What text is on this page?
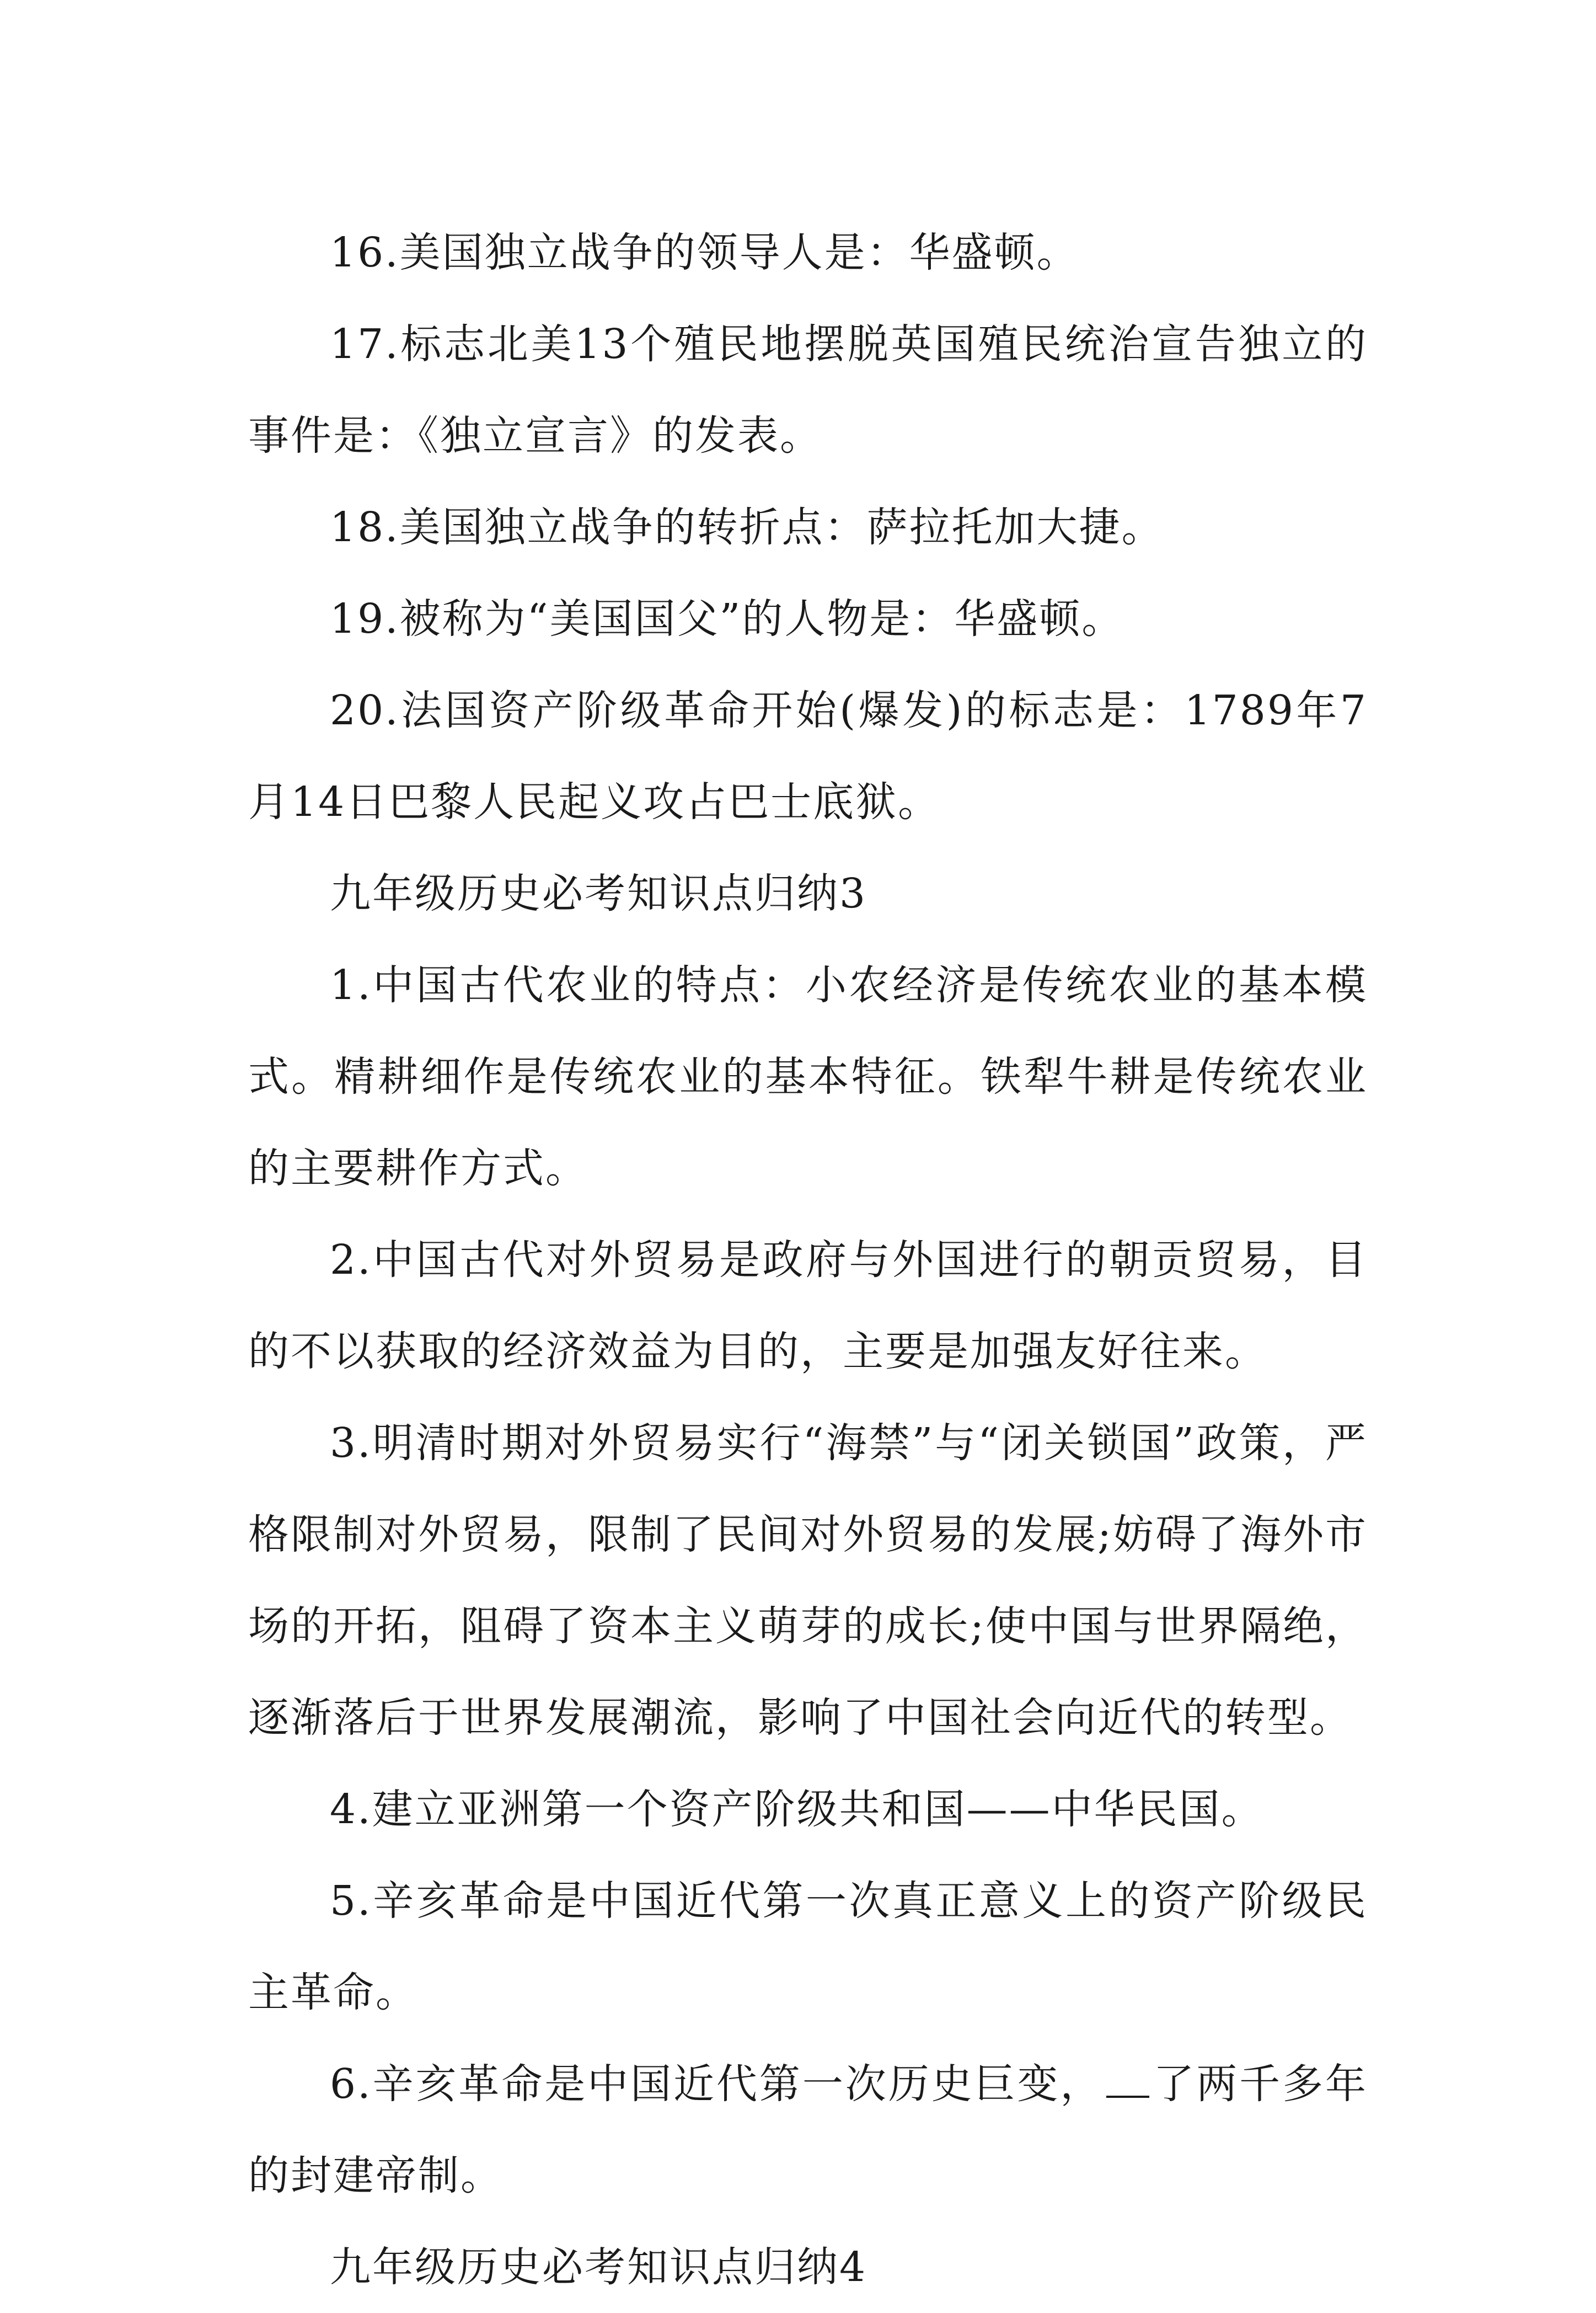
16.美国独立战争的领导人是：华盛顿。

17.标志北美13个殖民地摆脱英国殖民统治宣告独立的事件是：《独立宣言》的发表。

18.美国独立战争的转折点：萨拉托加大捷。

19.被称为“美国国父”的人物是：华盛顿。

20.法国资产阶级革命开始(爆发)的标志是：1789年7月14日巴黎人民起义攻占巴士底狱。

九年级历史必考知识点归纳3

1.中国古代农业的特点：小农经济是传统农业的基本模式。精耕细作是传统农业的基本特征。铁犁牛耕是传统农业的主要耕作方式。

2.中国古代对外贸易是政府与外国进行的朝贡贸易，目的不以获取的经济效益为目的，主要是加强友好往来。

3.明清时期对外贸易实行“海禁”与“闭关锁国”政策，严格限制对外贸易，限制了民间对外贸易的发展;妨碍了海外市场的开拓，阻碍了资本主义萌芽的成长;使中国与世界隔绝，逐渐落后于世界发展潮流，影响了中国社会向近代的转型。

4.建立亚洲第一个资产阶级共和国——中华民国。

5.辛亥革命是中国近代第一次真正意义上的资产阶级民主革命。

6.辛亥革命是中国近代第一次历史巨变， 了两千多年的封建帝制。

九年级历史必考知识点归纳4
